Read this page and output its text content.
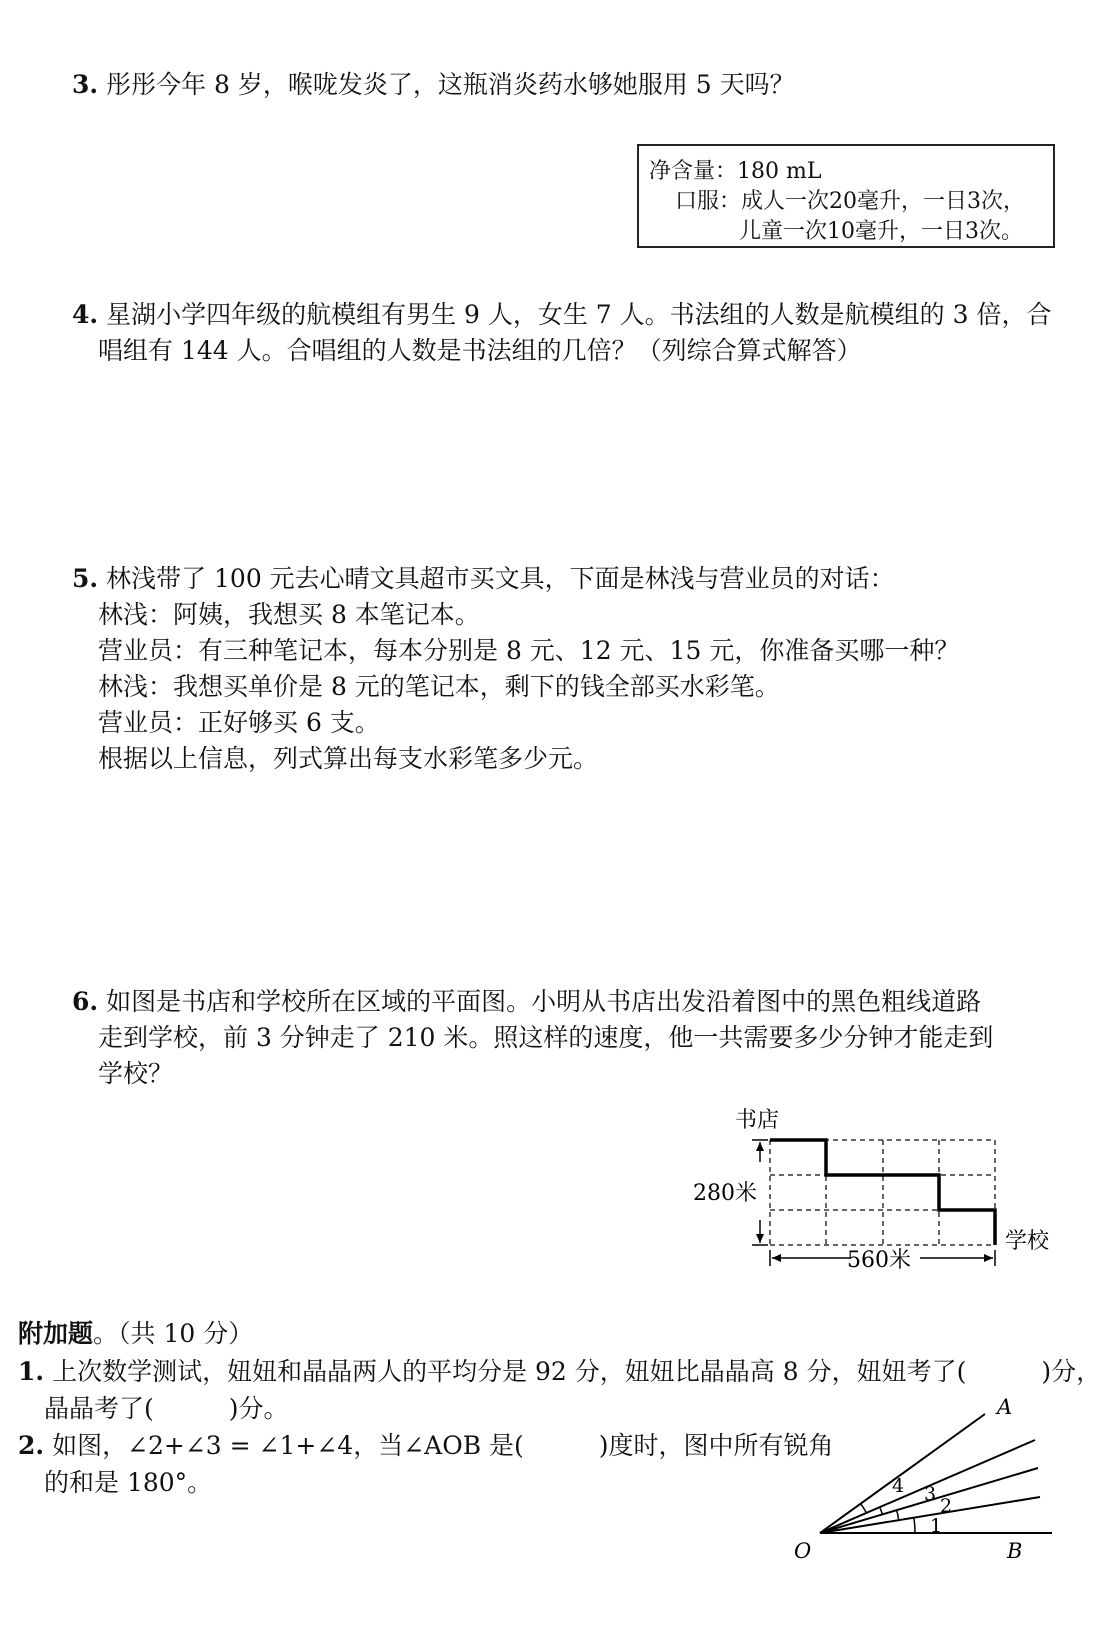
3. 彤彤今年 8 岁，喉咙发炎了，这瓶消炎药水够她服用 5 天吗？
净含量：180 mL
口服：成人一次20毫升，一日3次，
儿童一次10毫升，一日3次。
4. 星湖小学四年级的航模组有男生 9 人，女生 7 人。书法组的人数是航模组的 3 倍，合
唱组有 144 人。合唱组的人数是书法组的几倍？（列综合算式解答）
5. 林浅带了 100 元去心晴文具超市买文具，下面是林浅与营业员的对话：
林浅：阿姨，我想买 8 本笔记本。
营业员：有三种笔记本，每本分别是 8 元、12 元、15 元，你准备买哪一种？
林浅：我想买单价是 8 元的笔记本，剩下的钱全部买水彩笔。
营业员：正好够买 6 支。
根据以上信息，列式算出每支水彩笔多少元。
6. 如图是书店和学校所在区域的平面图。小明从书店出发沿着图中的黑色粗线道路
走到学校，前 3 分钟走了 210 米。照这样的速度，他一共需要多少分钟才能走到
学校？
书店
280米
560米
学校
附加题。（共 10 分）
1. 上次数学测试，妞妞和晶晶两人的平均分是 92 分，妞妞比晶晶高 8 分，妞妞考了(　　　)分，
晶晶考了(　　　)分。
2. 如图，∠2+∠3 = ∠1+∠4，当∠AOB 是(　　　)度时，图中所有锐角
的和是 180°。
1
2
3
4
O
A
B
